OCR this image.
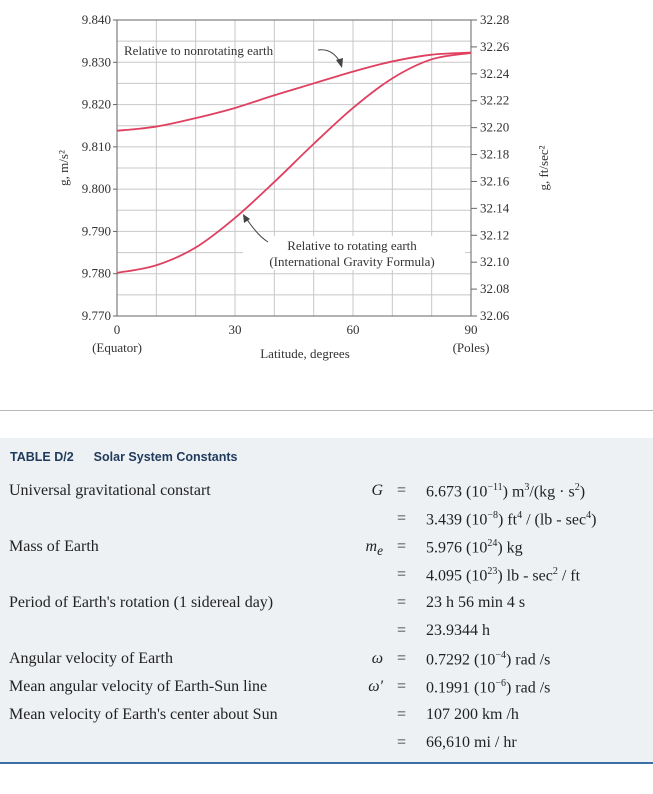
9.770
9.780
9.790
9.800
9.810
9.820
9.830
9.840
32.06
32.08
32.10
32.12
32.14
32.16
32.18
32.20
32.22
32.24
32.26
32.28
0
(Equator)
30	60	90
(Poles)
Latitude, degrees
g, m/s²	g, ft/sec²
Relative to nonrotating earth
Relative to rotating earth
(International Gravity Formula)
TABLE D/2 Solar System Constants
Universal gravitational constart	G = 6.673 $(10^{-11}) m^3/(kg \cdot s^2)$
= 3.439 $(10^{-8})$ $ft^4 / (lb - \sec^4)$
Mass of Earth	$m_e = 5.976$ $(10^{24})$ kg
= 4.095 $(10^{23})$ lb - $\sec^2$ / ft
Period of Earth's rotation (1 sidereal day)	= 23 h 56 min 4 s
= 23.9344 h
Angular velocity of Earth	ω = 0.7292 $(10^{-4})$ rad /s
Mean angular velocity of Earth-Sun line	ω′ = 0.1991 $(10^{-6})$ rad /s
Mean velocity of Earth's center about Sun	= 107 200 km /h
= 66,610 mi / hr
